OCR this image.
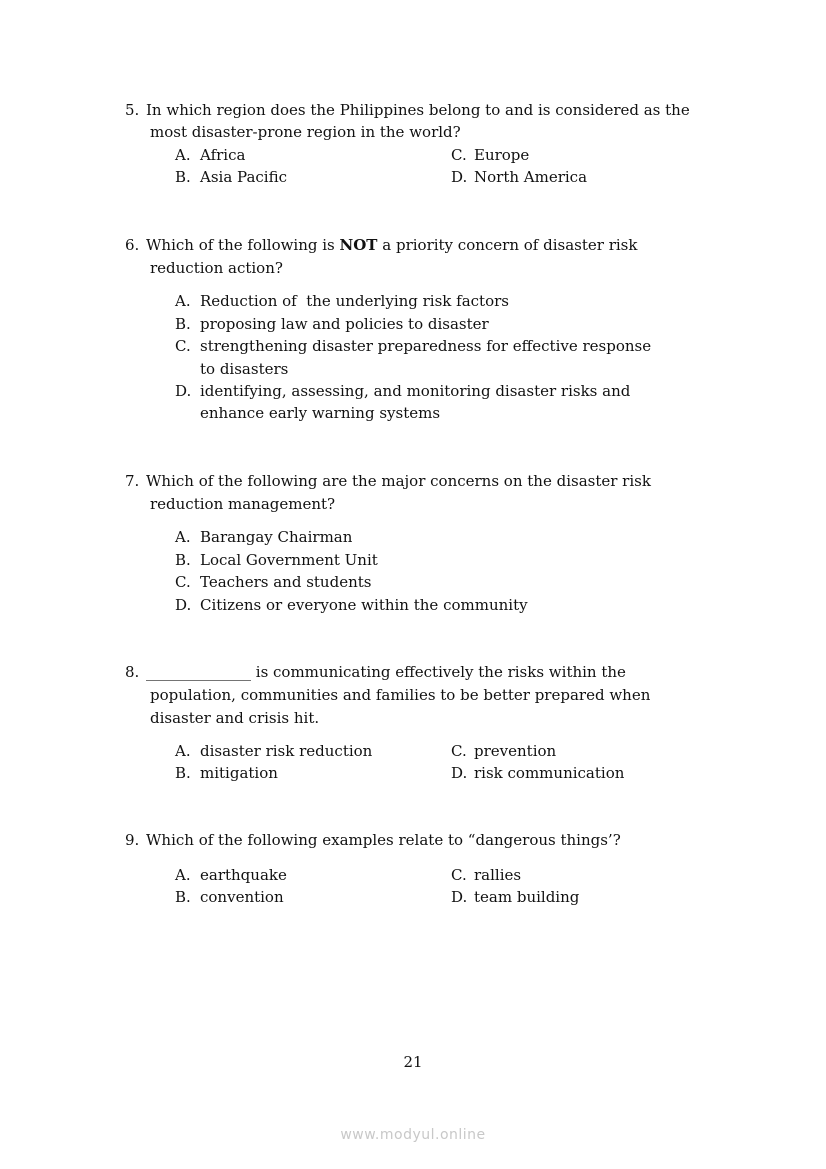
5. In which region does the Philippines belong to and is considered as the
most disaster-prone region in the world?
A. Africa
B. Asia Pacific
C. Europe
D. North America
6. Which of the following is NOT a priority concern of disaster risk
reduction action?
A. Reduction of  the underlying risk factors
B. proposing law and policies to disaster
C. strengthening disaster preparedness for effective response
to disasters
D. identifying, assessing, and monitoring disaster risks and
enhance early warning systems
7. Which of the following are the major concerns on the disaster risk
reduction management?
A. Barangay Chairman
B. Local Government Unit
C. Teachers and students
D. Citizens or everyone within the community
8. ______________ is communicating effectively the risks within the
population, communities and families to be better prepared when
disaster and crisis hit.
A. disaster risk reduction
B. mitigation
C. prevention
D. risk communication
9. Which of the following examples relate to “dangerous things’?
A. earthquake
B. convention
C. rallies
D. team building
21
www.modyul.online
